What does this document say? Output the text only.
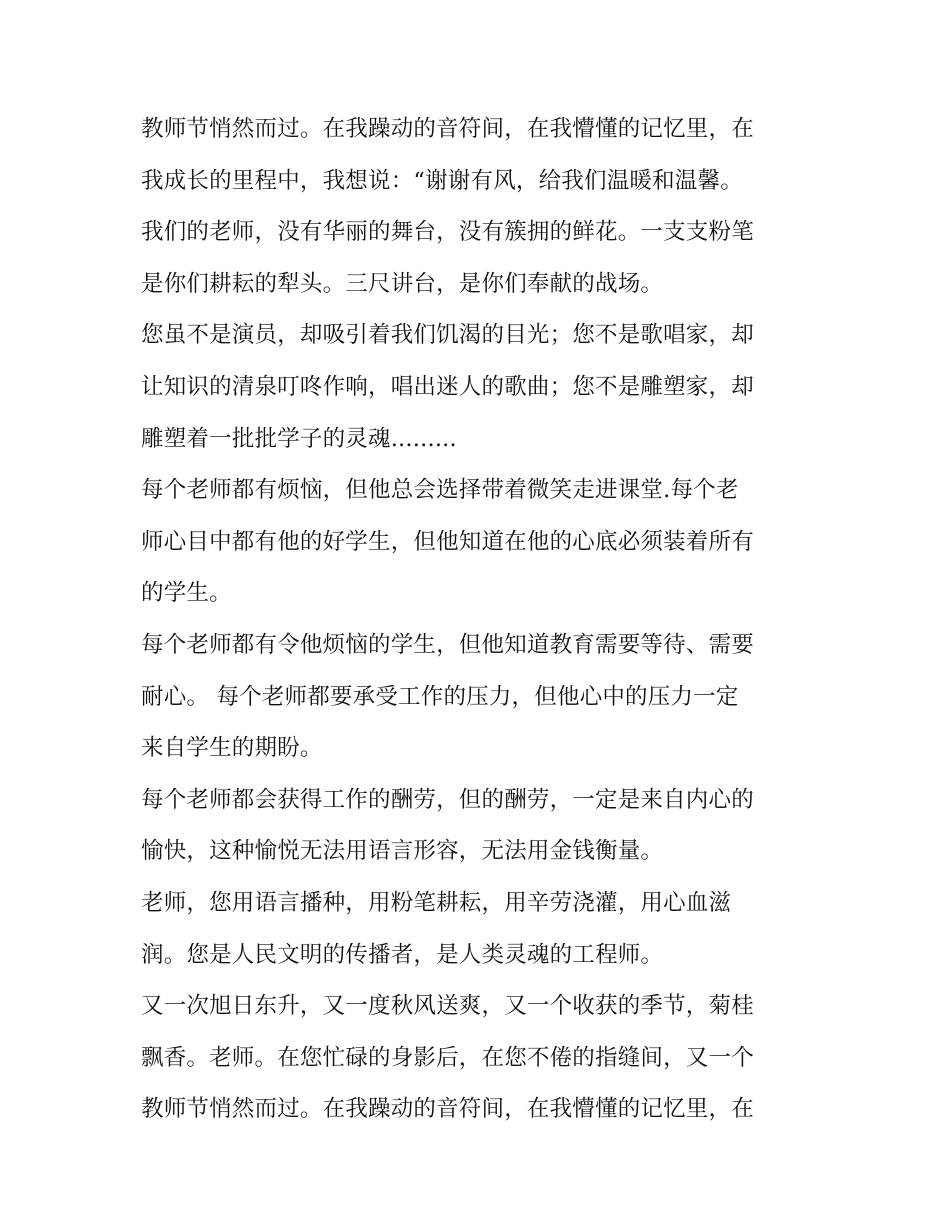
教师节悄然而过。在我躁动的音符间，在我懵懂的记忆里，在
我成长的里程中，我想说：“谢谢有风，给我们温暖和温馨。
我们的老师，没有华丽的舞台，没有簇拥的鲜花。一支支粉笔
是你们耕耘的犁头。三尺讲台，是你们奉献的战场。
您虽不是演员，却吸引着我们饥渴的目光；您不是歌唱家，却
让知识的清泉叮咚作响，唱出迷人的歌曲；您不是雕塑家，却
雕塑着一批批学子的灵魂.........
每个老师都有烦恼，但他总会选择带着微笑走进课堂.每个老
师心目中都有他的好学生，但他知道在他的心底必须装着所有
的学生。
每个老师都有令他烦恼的学生，但他知道教育需要等待、需要
耐心。 每个老师都要承受工作的压力，但他心中的压力一定
来自学生的期盼。
每个老师都会获得工作的酬劳，但的酬劳，一定是来自内心的
愉快，这种愉悦无法用语言形容，无法用金钱衡量。
老师，您用语言播种，用粉笔耕耘，用辛劳浇灌，用心血滋
润。您是人民文明的传播者，是人类灵魂的工程师。
又一次旭日东升，又一度秋风送爽，又一个收获的季节，菊桂
飘香。老师。在您忙碌的身影后，在您不倦的指缝间，又一个
教师节悄然而过。在我躁动的音符间，在我懵懂的记忆里，在
